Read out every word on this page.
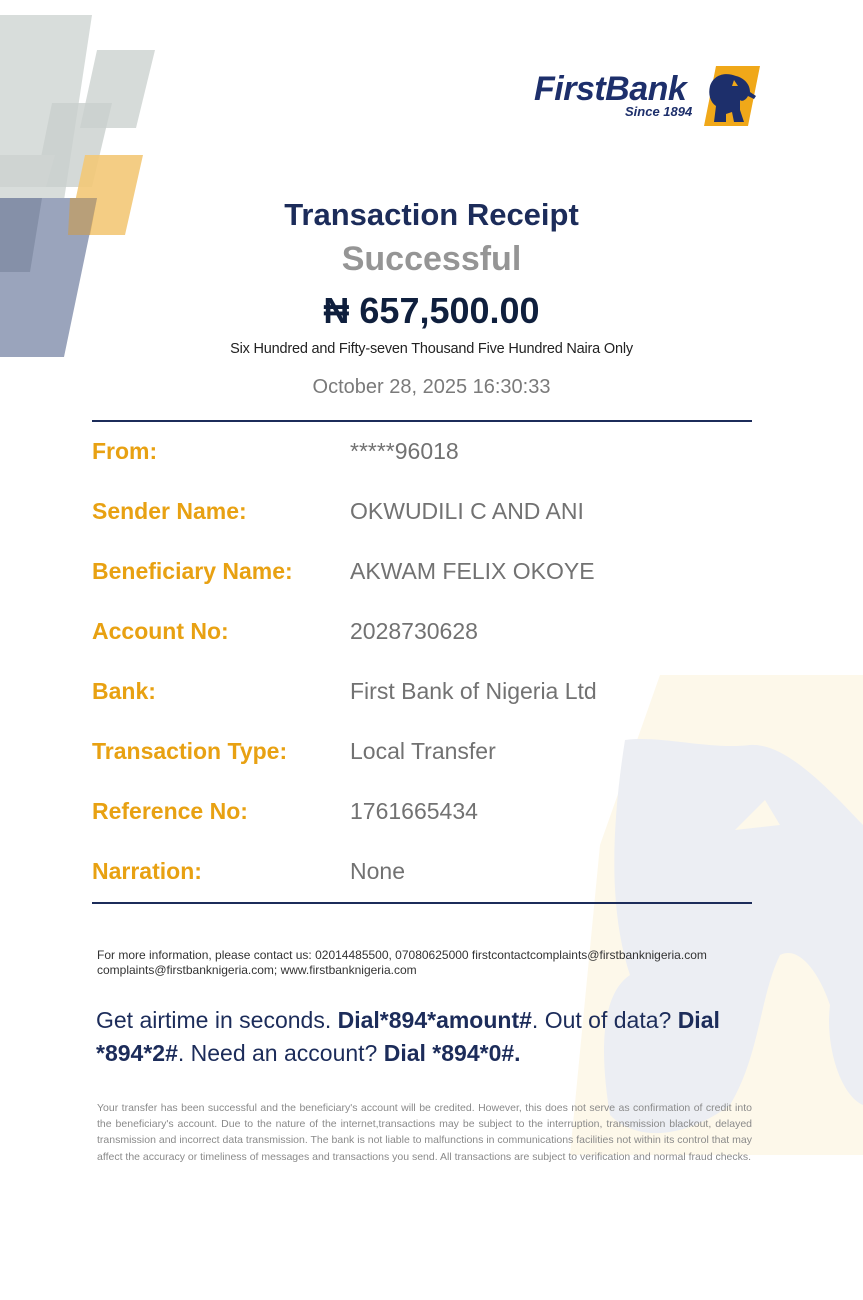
FirstBank
Since 1894
Transaction Receipt
Successful
₦ 657,500.00
Six Hundred and Fifty-seven Thousand Five Hundred Naira Only
October 28, 2025 16:30:33
From:	*****96018
Sender Name:	OKWUDILI C AND ANI
Beneficiary Name: AKWAM FELIX OKOYE
Account No:	2028730628
Bank:	First Bank of Nigeria Ltd
Transaction Type:	Local Transfer
Reference No:	1761665434
Narration:	None
For more information, please contact us: 02014485500, 07080625000 firstcontactcomplaints@firstbanknigeria.com
complaints@firstbanknigeria.com; www.firstbanknigeria.com
Get airtime in seconds. Dial*894*amount#. Out of data? Dial *894*2#. Need an account? Dial *894*0#.
Your transfer has been successful and the beneficiary's account will be credited. However, this does not serve as confirmation of credit into the beneficiary's account. Due to the nature of the internet,transactions may be subject to the interruption, transmission blackout, delayed transmission and incorrect data transmission. The bank is not liable to malfunctions in communications facilities not within its control that may affect the accuracy or timeliness of messages and transactions you send. All transactions are subject to verification and normal fraud checks.
